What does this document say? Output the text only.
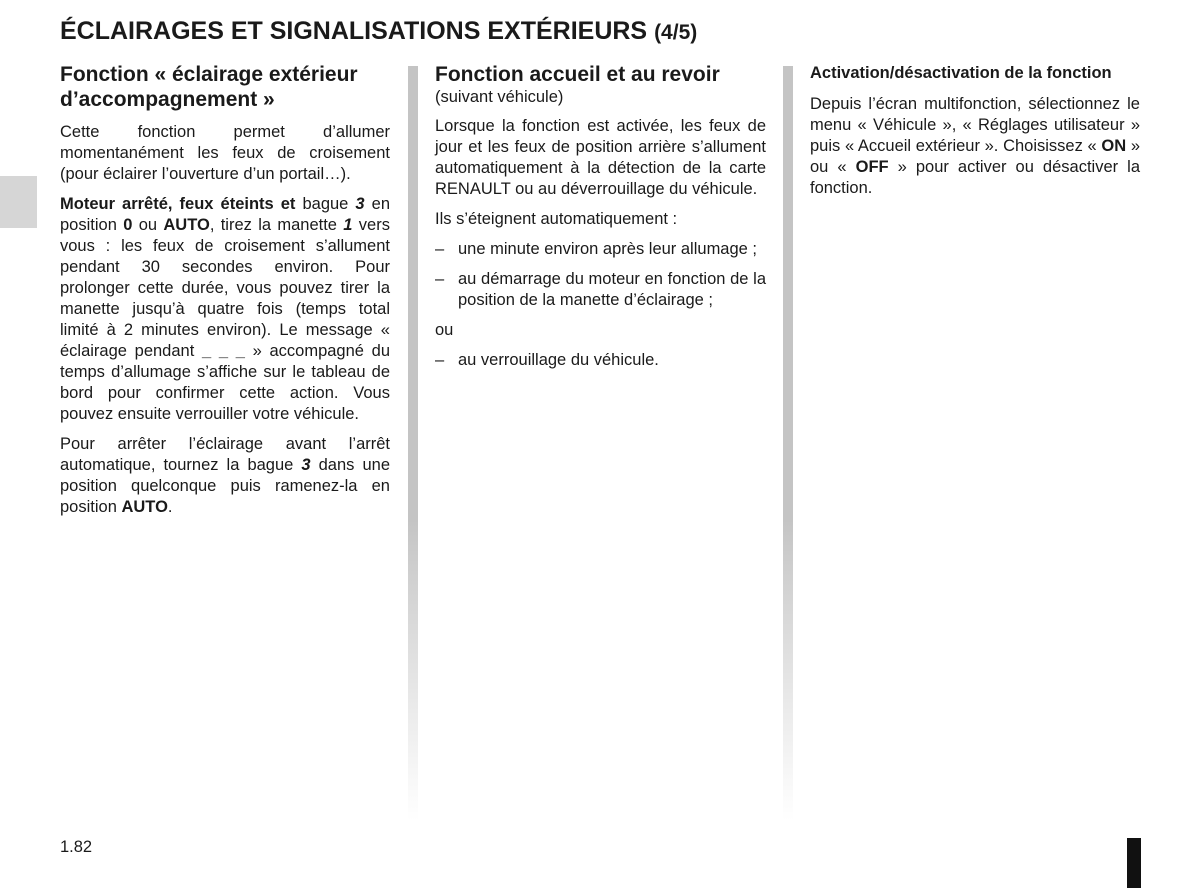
ÉCLAIRAGES ET SIGNALISATIONS EXTÉRIEURS (4/5)
Fonction « éclairage extérieur d’accompagnement »

Cette fonction permet d’allumer momentanément les feux de croisement (pour éclairer l’ouverture d’un portail…).

Moteur arrêté, feux éteints et bague 3 en position 0 ou AUTO, tirez la manette 1 vers vous : les feux de croisement s’allument pendant 30 secondes environ. Pour prolonger cette durée, vous pouvez tirer la manette jusqu’à quatre fois (temps total limité à 2 minutes environ). Le message « éclairage pendant _ _ _ » accompagné du temps d’allumage s’affiche sur le tableau de bord pour confirmer cette action. Vous pouvez ensuite verrouiller votre véhicule.

Pour arrêter l’éclairage avant l’arrêt automatique, tournez la bague 3 dans une position quelconque puis ramenez-la en position AUTO.

Fonction accueil et au revoir
(suivant véhicule)

Lorsque la fonction est activée, les feux de jour et les feux de position arrière s’allument automatiquement à la détection de la carte RENAULT ou au déverrouillage du véhicule.

Ils s’éteignent automatiquement :

– une minute environ après leur allumage ;
– au démarrage du moteur en fonction de la position de la manette d’éclairage ;

ou

– au verrouillage du véhicule.
Activation/désactivation de la fonction

Depuis l’écran multifonction, sélectionnez le menu « Véhicule », « Réglages utilisateur » puis « Accueil extérieur ». Choisissez « ON » ou « OFF » pour activer ou désactiver la fonction.

1.82
